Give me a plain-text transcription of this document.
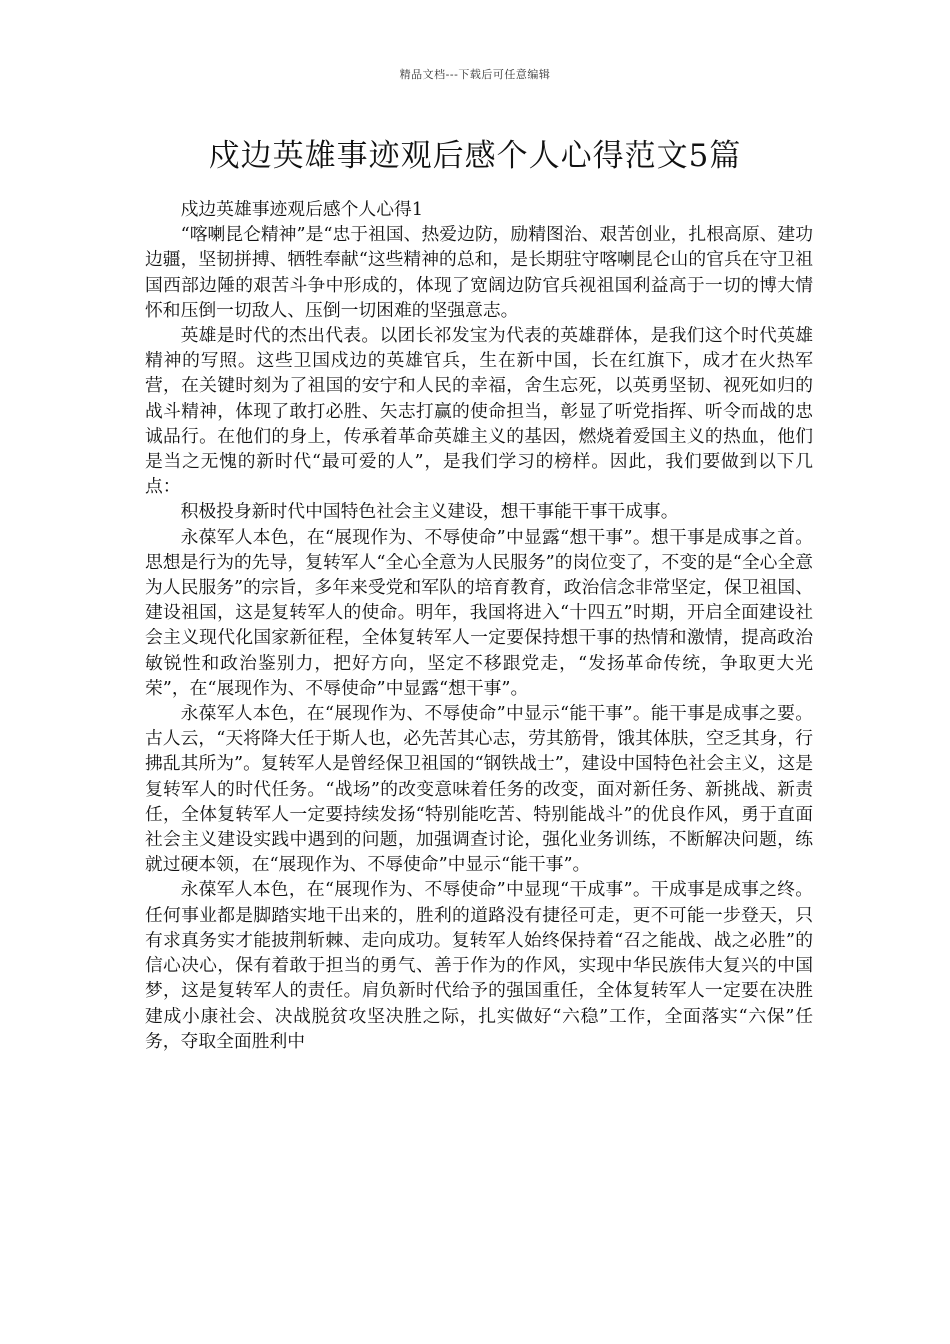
精品文档---下载后可任意编辑
戍边英雄事迹观后感个人心得范文5篇

戍边英雄事迹观后感个人心得1

“喀喇昆仑精神”是“忠于祖国、热爱边防，励精图治、艰苦创业，扎根高原、建功边疆，坚韧拼搏、牺牲奉献“这些精神的总和，是长期驻守喀喇昆仑山的官兵在守卫祖国西部边陲的艰苦斗争中形成的，体现了宽阔边防官兵视祖国利益高于一切的博大情怀和压倒一切敌人、压倒一切困难的坚强意志。

英雄是时代的杰出代表。以团长祁发宝为代表的英雄群体，是我们这个时代英雄精神的写照。这些卫国戍边的英雄官兵，生在新中国，长在红旗下，成才在火热军营，在关键时刻为了祖国的安宁和人民的幸福，舍生忘死，以英勇坚韧、视死如归的战斗精神，体现了敢打必胜、矢志打赢的使命担当，彰显了听党指挥、听令而战的忠诚品行。在他们的身上，传承着革命英雄主义的基因，燃烧着爱国主义的热血，他们是当之无愧的新时代“最可爱的人”，是我们学习的榜样。因此，我们要做到以下几点：

积极投身新时代中国特色社会主义建设，想干事能干事干成事。

永葆军人本色，在“展现作为、不辱使命”中显露“想干事”。想干事是成事之首。思想是行为的先导，复转军人“全心全意为人民服务”的岗位变了，不变的是“全心全意为人民服务”的宗旨，多年来受党和军队的培育教育，政治信念非常坚定，保卫祖国、建设祖国，这是复转军人的使命。明年，我国将进入“十四五”时期，开启全面建设社会主义现代化国家新征程，全体复转军人一定要保持想干事的热情和激情，提高政治敏锐性和政治鉴别力，把好方向，坚定不移跟党走，“发扬革命传统，争取更大光荣”，在“展现作为、不辱使命”中显露“想干事”。

永葆军人本色，在“展现作为、不辱使命”中显示“能干事”。能干事是成事之要。古人云，“天将降大任于斯人也，必先苦其心志，劳其筋骨，饿其体肤，空乏其身，行拂乱其所为”。复转军人是曾经保卫祖国的“钢铁战士”，建设中国特色社会主义，这是复转军人的时代任务。“战场”的改变意味着任务的改变，面对新任务、新挑战、新责任，全体复转军人一定要持续发扬“特别能吃苦、特别能战斗”的优良作风，勇于直面社会主义建设实践中遇到的问题，加强调查讨论，强化业务训练，不断解决问题，练就过硬本领，在“展现作为、不辱使命”中显示“能干事”。

永葆军人本色，在“展现作为、不辱使命”中显现“干成事”。干成事是成事之终。任何事业都是脚踏实地干出来的，胜利的道路没有捷径可走，更不可能一步登天，只有求真务实才能披荆斩棘、走向成功。复转军人始终保持着“召之能战、战之必胜”的信心决心，保有着敢于担当的勇气、善于作为的作风，实现中华民族伟大复兴的中国梦，这是复转军人的责任。肩负新时代给予的强国重任，全体复转军人一定要在决胜建成小康社会、决战脱贫攻坚决胜之际，扎实做好“六稳”工作，全面落实“六保”任务，夺取全面胜利中
